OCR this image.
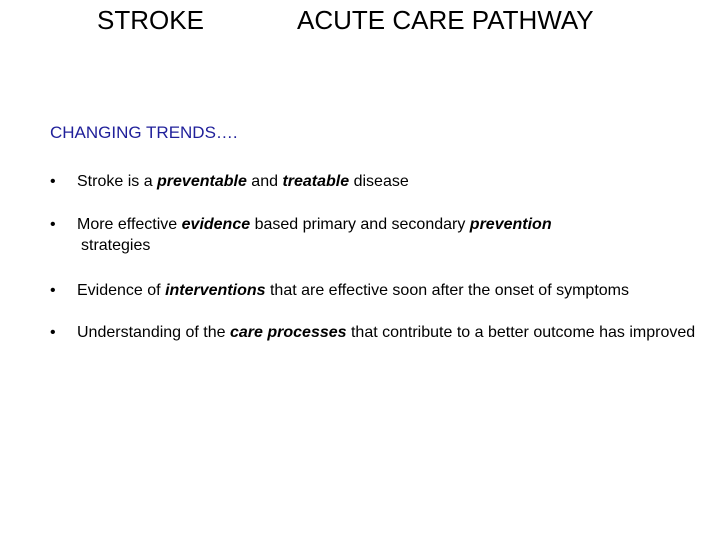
STROKE	ACUTE CARE PATHWAY
CHANGING TRENDS….
•	Stroke is a preventable and treatable disease
•	More effective evidence based primary and secondary prevention
strategies
•	Evidence of interventions that are effective soon after the onset of symptoms
•	Understanding of the care processes that contribute to a better outcome has improved
